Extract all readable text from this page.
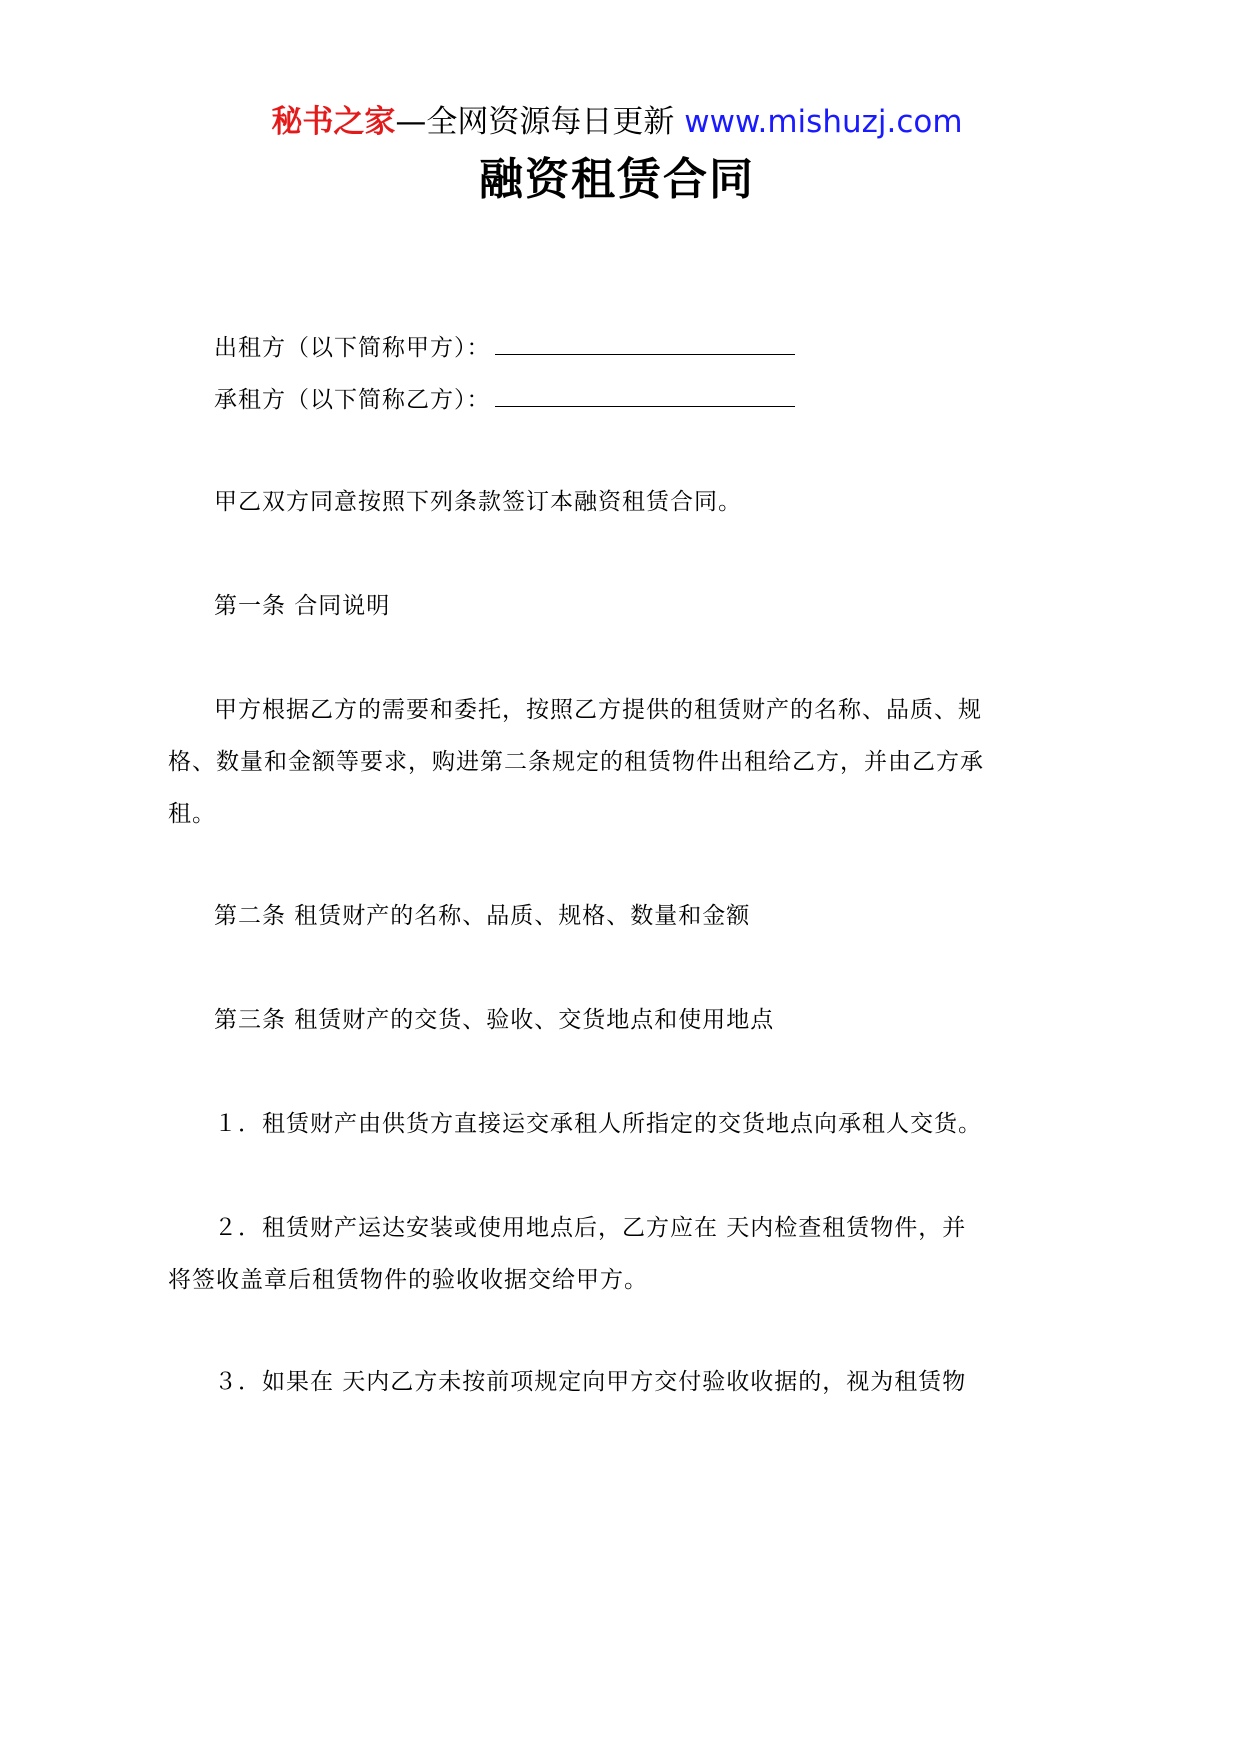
秘书之家—全网资源每日更新 www.mishuzj.com
融资租赁合同
出租方（以下简称甲方）：
承租方（以下简称乙方）：
甲乙双方同意按照下列条款签订本融资租赁合同。
第一条 合同说明
甲方根据乙方的需要和委托，按照乙方提供的租赁财产的名称、品质、规
格、数量和金额等要求，购进第二条规定的租赁物件出租给乙方，并由乙方承
租。
第二条 租赁财产的名称、品质、规格、数量和金额
第三条 租赁财产的交货、验收、交货地点和使用地点
１．租赁财产由供货方直接运交承租人所指定的交货地点向承租人交货。
２．租赁财产运达安装或使用地点后，乙方应在 天内检查租赁物件，并
将签收盖章后租赁物件的验收收据交给甲方。
３．如果在 天内乙方未按前项规定向甲方交付验收收据的，视为租赁物
